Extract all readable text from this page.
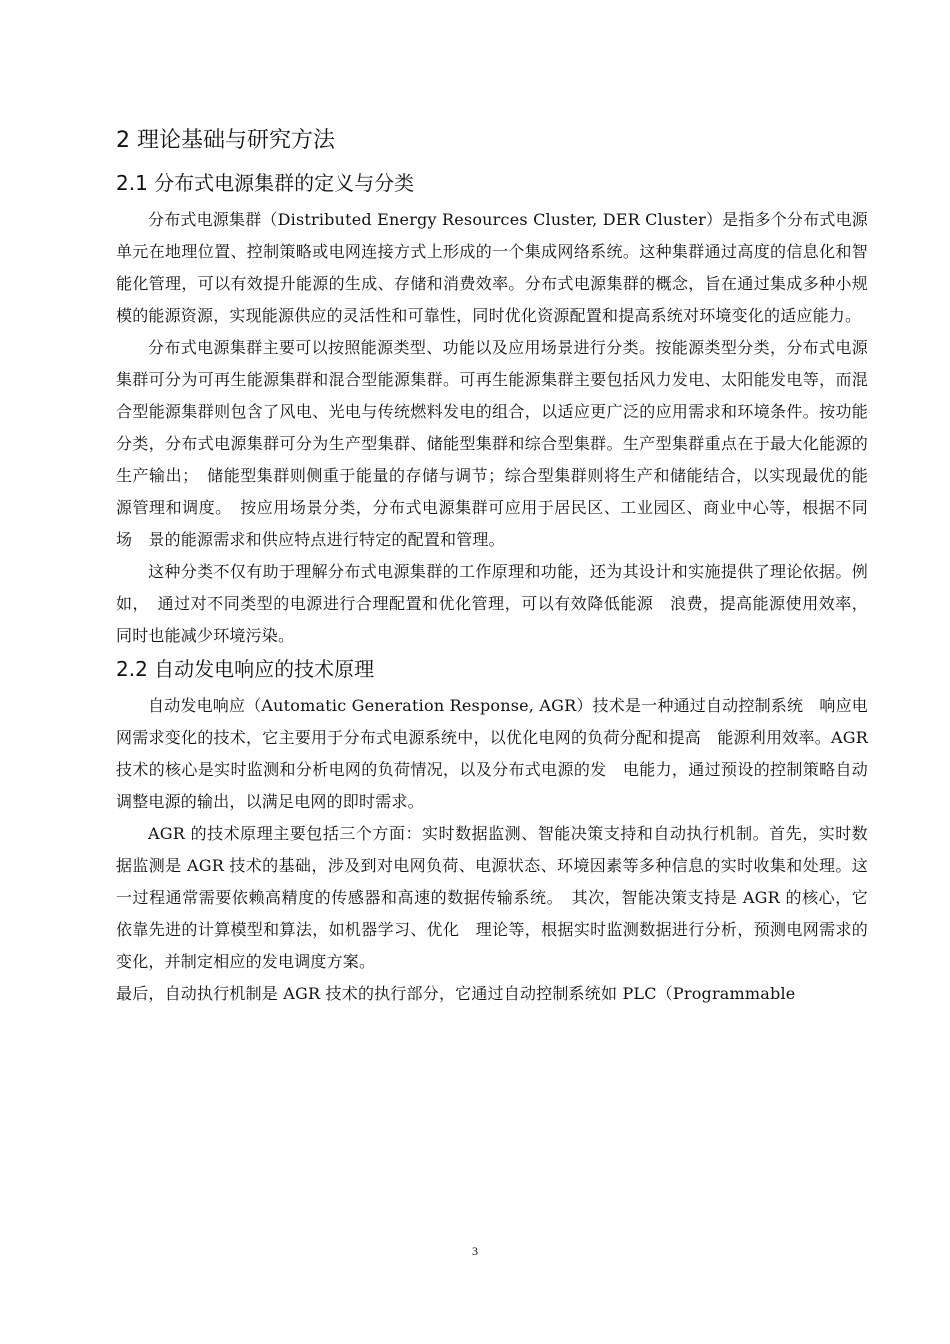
2 理论基础与研究方法
2.1 分布式电源集群的定义与分类

分布式电源集群（Distributed Energy Resources Cluster, DER Cluster）是指多个分布式电源单元在地理位置、控制策略或电网连接方式上形成的一个集成网络系统。这种集群通过高度的信息化和智能化管理，可以有效提升能源的生成、存储和消费效率。分布式电源集群的概念，旨在通过集成多种小规模的能源资源，实现能源供应的灵活性和可靠性，同时优化资源配置和提高系统对环境变化的适应能力。

分布式电源集群主要可以按照能源类型、功能以及应用场景进行分类。按能源类型分类，分布式电源集群可分为可再生能源集群和混合型能源集群。可再生能源集群主要包括风力发电、太阳能发电等，而混合型能源集群则包含了风电、光电与传统燃料发电的组合，以适应更广泛的应用需求和环境条件。按功能分类，分布式电源集群可分为生产型集群、储能型集群和综合型集群。生产型集群重点在于最大化能源的生产输出；　储能型集群则侧重于能量的存储与调节；综合型集群则将生产和储能结合，以实现最优的能源管理和调度。　按应用场景分类，分布式电源集群可应用于居民区、工业园区、商业中心等，根据不同场　景的能源需求和供应特点进行特定的配置和管理。

这种分类不仅有助于理解分布式电源集群的工作原理和功能，还为其设计和实施提供了理论依据。例如，　通过对不同类型的电源进行合理配置和优化管理，可以有效降低能源　浪费，提高能源使用效率，同时也能减少环境污染。

2.2 自动发电响应的技术原理

自动发电响应（Automatic Generation Response, AGR）技术是一种通过自动控制系统　响应电网需求变化的技术，它主要用于分布式电源系统中，以优化电网的负荷分配和提高　能源利用效率。AGR 技术的核心是实时监测和分析电网的负荷情况，以及分布式电源的发　电能力，通过预设的控制策略自动调整电源的输出，以满足电网的即时需求。

AGR 的技术原理主要包括三个方面：实时数据监测、智能决策支持和自动执行机制。首先，实时数据监测是 AGR 技术的基础，涉及到对电网负荷、电源状态、环境因素等多种信息的实时收集和处理。这一过程通常需要依赖高精度的传感器和高速的数据传输系统。　其次，智能决策支持是 AGR 的核心，它依靠先进的计算模型和算法，如机器学习、优化　理论等，根据实时监测数据进行分析，预测电网需求的变化，并制定相应的发电调度方案。

最后，自动执行机制是 AGR 技术的执行部分，它通过自动控制系统如 PLC（Programmable

3
